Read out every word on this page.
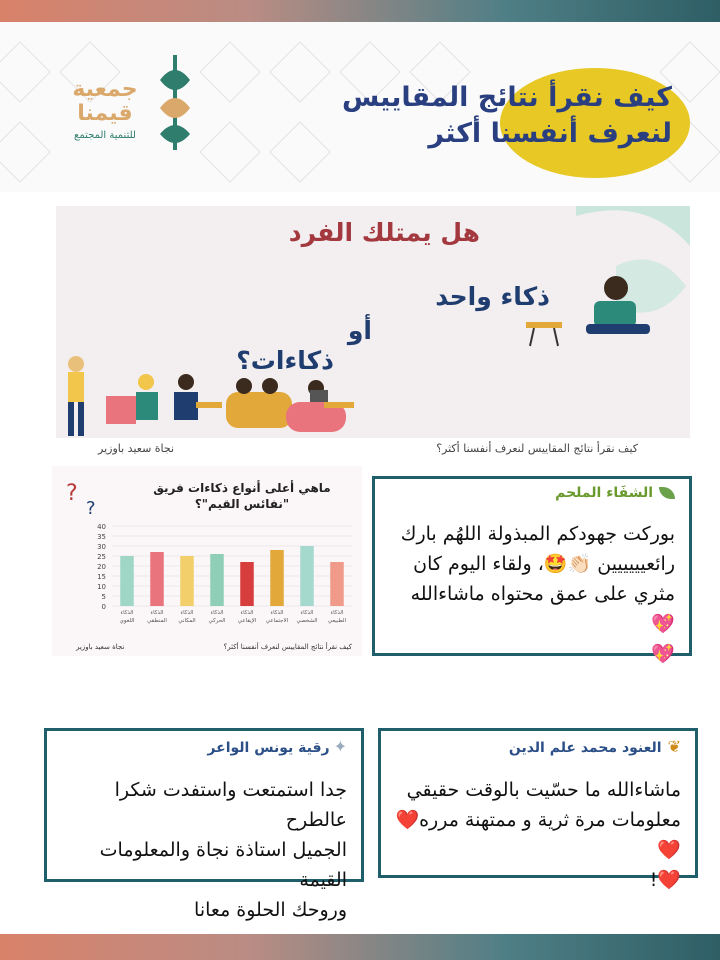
جمعية
قيمنا
للتنمية المجتمع
كيف نقرأ نتائج المقاييس
لنعرف أنفسنا أكثر
هل يمتلك الفرد
ذكاء واحد
أو
ذكاءات؟
نجاة سعيد باوزير	كيف نقرأ نتائج المقاييس لنعرف أنفسنا أكثر؟
?
?
ماهي أعلى أنواع ذكاءات فريق
"نفائس القيم"؟
0
5
10
15
20
25
30
35
40
الذكاء
اللغوي
الذكاء
المنطقي
الذكاء
المكاني
الذكاء
الحركي
الذكاء
الإيقاعي
الذكاء
الاجتماعي
الذكاء
الشخصي
الذكاء
الطبيعي
نجاة سعيد باوزير	كيف نقرأ نتائج المقاييس لنعرف أنفسنا أكثر؟
الشفَاء الملحم
بوركت جهودكم المبذولة اللهُم بارك
رائعيييييين 👏🏻🤩، ولقاء اليوم كان
مثري على عمق محتواه ماشاءالله 💖
💖
❦العنود محمد علم الدين
ماشاءالله ما حسّيت بالوقت حقيقي
معلومات مرة ثرية و ممتهنة مرره❤️❤️
❤️!
✦رقية يونس الواعر
جدا استمتعت واستفدت شكرا عالطرح
الجميل استاذة نجاة والمعلومات القيمة
وروحك الحلوة معانا
